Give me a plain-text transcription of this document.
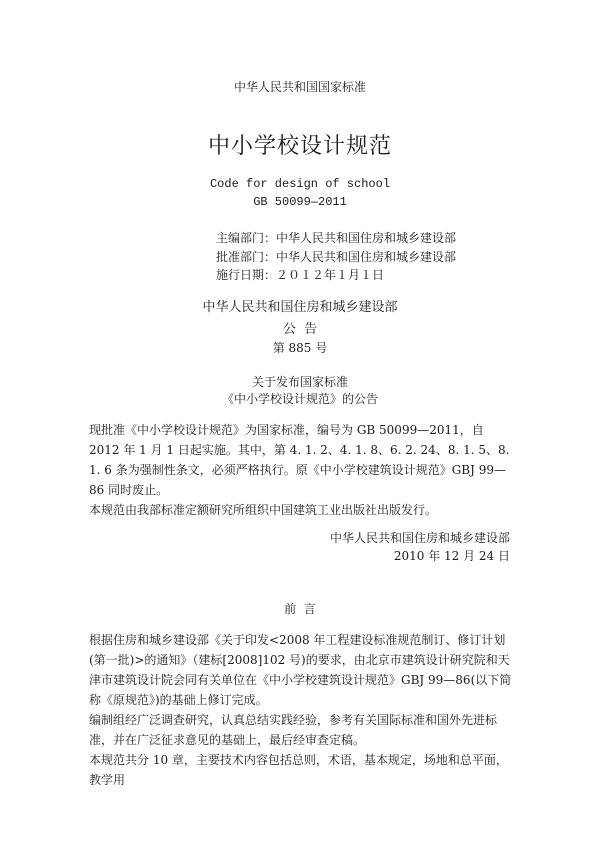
中华人民共和国国家标准
中小学校设计规范
Code for design of school
GB 50099—2011
主编部门：中华人民共和国住房和城乡建设部
批准部门：中华人民共和国住房和城乡建设部
施行日期：２０１２年１月１日
中华人民共和国住房和城乡建设部
公  告
第 885 号
关于发布国家标准
《中小学校设计规范》的公告

现批准《中小学校设计规范》为国家标准，编号为 GB 50099—2011，自 2012 年 1 月 1 日起实施。其中，第 4. 1. 2、4. 1. 8、6. 2. 24、8. 1. 5、8. 1. 6 条为强制性条文，必须严格执行。原《中小学校建筑设计规范》GBJ 99—86 同时废止。

本规范由我部标准定额研究所组织中国建筑工业出版社出版发行。

中华人民共和国住房和城乡建设部
2010 年 12 月 24 日
前  言

根据住房和城乡建设部《关于印发<2008 年工程建设标准规范制订、修订计划(第一批)>的通知》（建标[2008]102 号)的要求，由北京市建筑设计研究院和天津市建筑设计院会同有关单位在《中小学校建筑设计规范》GBJ 99—86(以下简称《原规范》)的基础上修订完成。

编制组经广泛调查研究，认真总结实践经验，参考有关国际标准和国外先进标准，并在广泛征求意见的基础上，最后经审查定稿。

本规范共分 10 章，主要技术内容包括总则，术语，基本规定，场地和总平面，教学用
